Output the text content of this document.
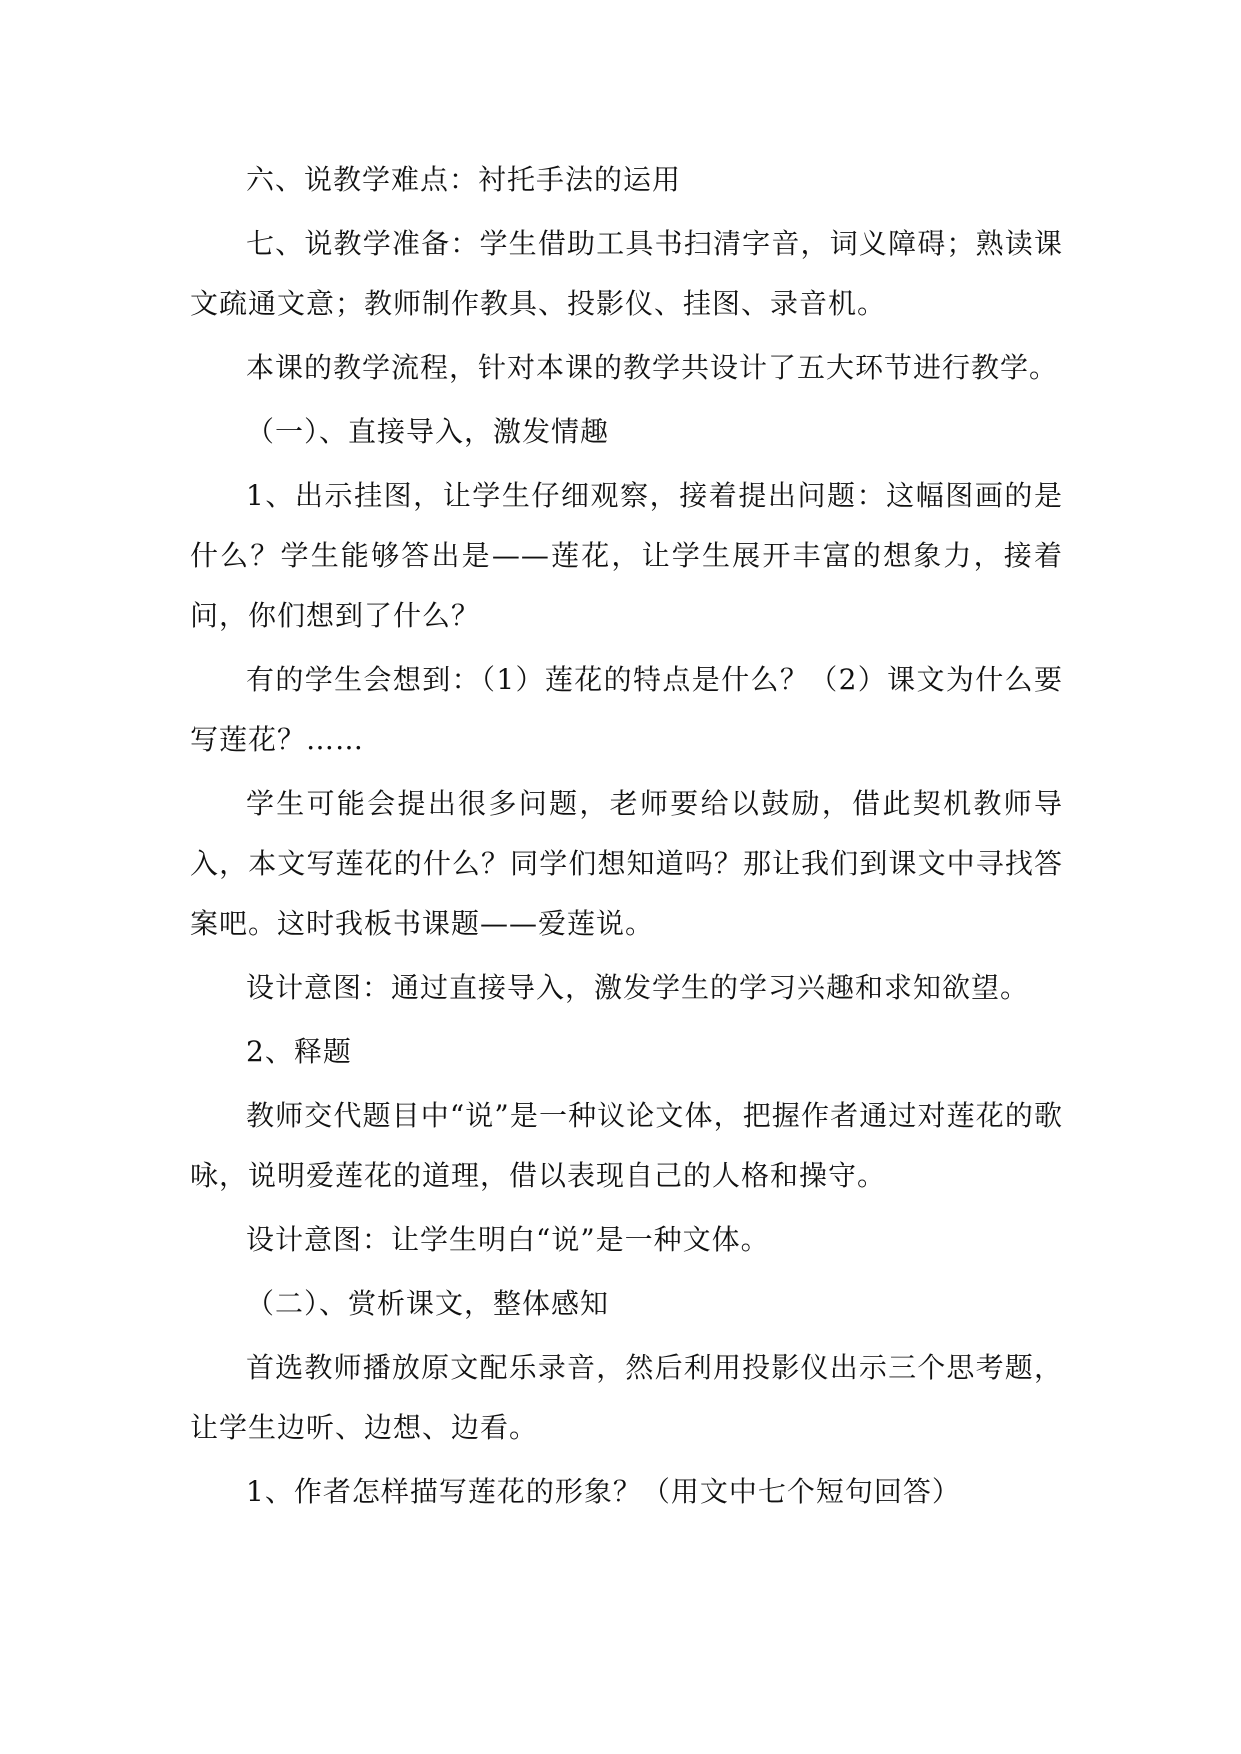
六、说教学难点：衬托手法的运用

七、说教学准备：学生借助工具书扫清字音，词义障碍；熟读课文疏通文意；教师制作教具、投影仪、挂图、录音机。

本课的教学流程，针对本课的教学共设计了五大环节进行教学。

（一）、直接导入，激发情趣

1、出示挂图，让学生仔细观察，接着提出问题：这幅图画的是什么？学生能够答出是——莲花，让学生展开丰富的想象力，接着问，你们想到了什么？

有的学生会想到：（1）莲花的特点是什么？（2）课文为什么要写莲花？……

学生可能会提出很多问题，老师要给以鼓励，借此契机教师导入，本文写莲花的什么？同学们想知道吗？那让我们到课文中寻找答案吧。这时我板书课题——爱莲说。

设计意图：通过直接导入，激发学生的学习兴趣和求知欲望。

2、释题

教师交代题目中“说”是一种议论文体，把握作者通过对莲花的歌咏，说明爱莲花的道理，借以表现自己的人格和操守。

设计意图：让学生明白“说”是一种文体。

（二）、赏析课文，整体感知

首选教师播放原文配乐录音，然后利用投影仪出示三个思考题，让学生边听、边想、边看。

1、作者怎样描写莲花的形象？（用文中七个短句回答）
